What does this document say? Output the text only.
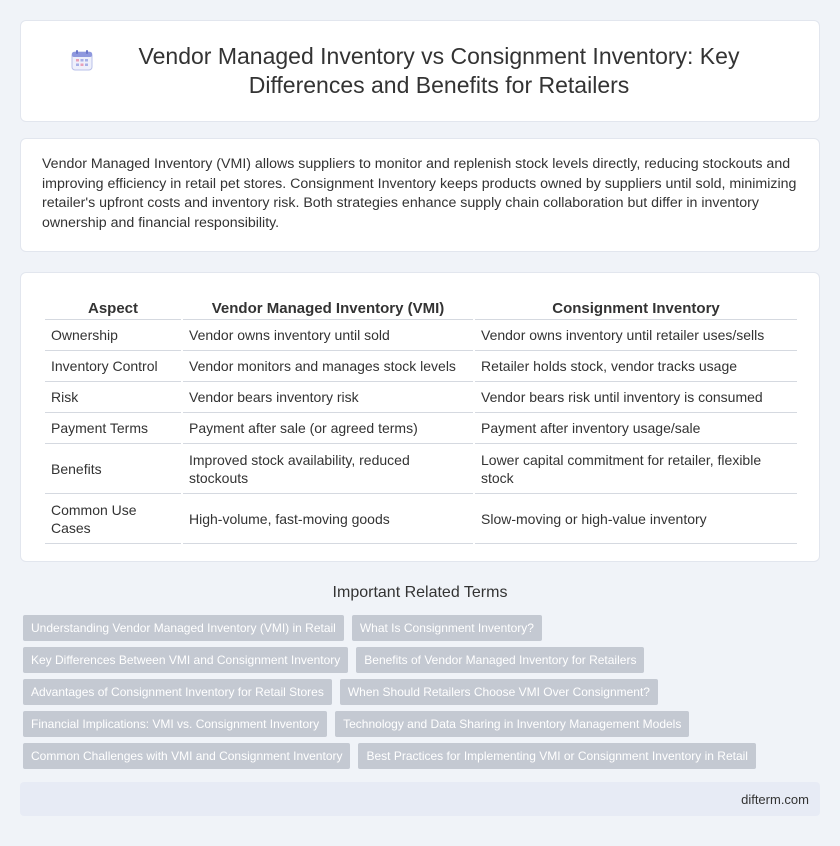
Vendor Managed Inventory vs Consignment Inventory: Key Differences and Benefits for Retailers

Vendor Managed Inventory (VMI) allows suppliers to monitor and replenish stock levels directly, reducing stockouts and improving efficiency in retail pet stores. Consignment Inventory keeps products owned by suppliers until sold, minimizing retailer's upfront costs and inventory risk. Both strategies enhance supply chain collaboration but differ in inventory ownership and financial responsibility.

Aspect	Vendor Managed Inventory (VMI)	Consignment Inventory
Ownership	Vendor owns inventory until sold	Vendor owns inventory until retailer uses/sells
Inventory Control	Vendor monitors and manages stock levels	Retailer holds stock, vendor tracks usage
Risk	Vendor bears inventory risk	Vendor bears risk until inventory is consumed
Payment Terms	Payment after sale (or agreed terms)	Payment after inventory usage/sale
Benefits	Improved stock availability, reduced stockouts	Lower capital commitment for retailer, flexible stock
Common Use Cases	High-volume, fast-moving goods	Slow-moving or high-value inventory
Important Related Terms
Understanding Vendor Managed Inventory (VMI) in Retail	What Is Consignment Inventory?
Key Differences Between VMI and Consignment Inventory	Benefits of Vendor Managed Inventory for Retailers
Advantages of Consignment Inventory for Retail Stores	When Should Retailers Choose VMI Over Consignment?
Financial Implications: VMI vs. Consignment Inventory	Technology and Data Sharing in Inventory Management Models
Common Challenges with VMI and Consignment Inventory	Best Practices for Implementing VMI or Consignment Inventory in Retail
difterm.com
